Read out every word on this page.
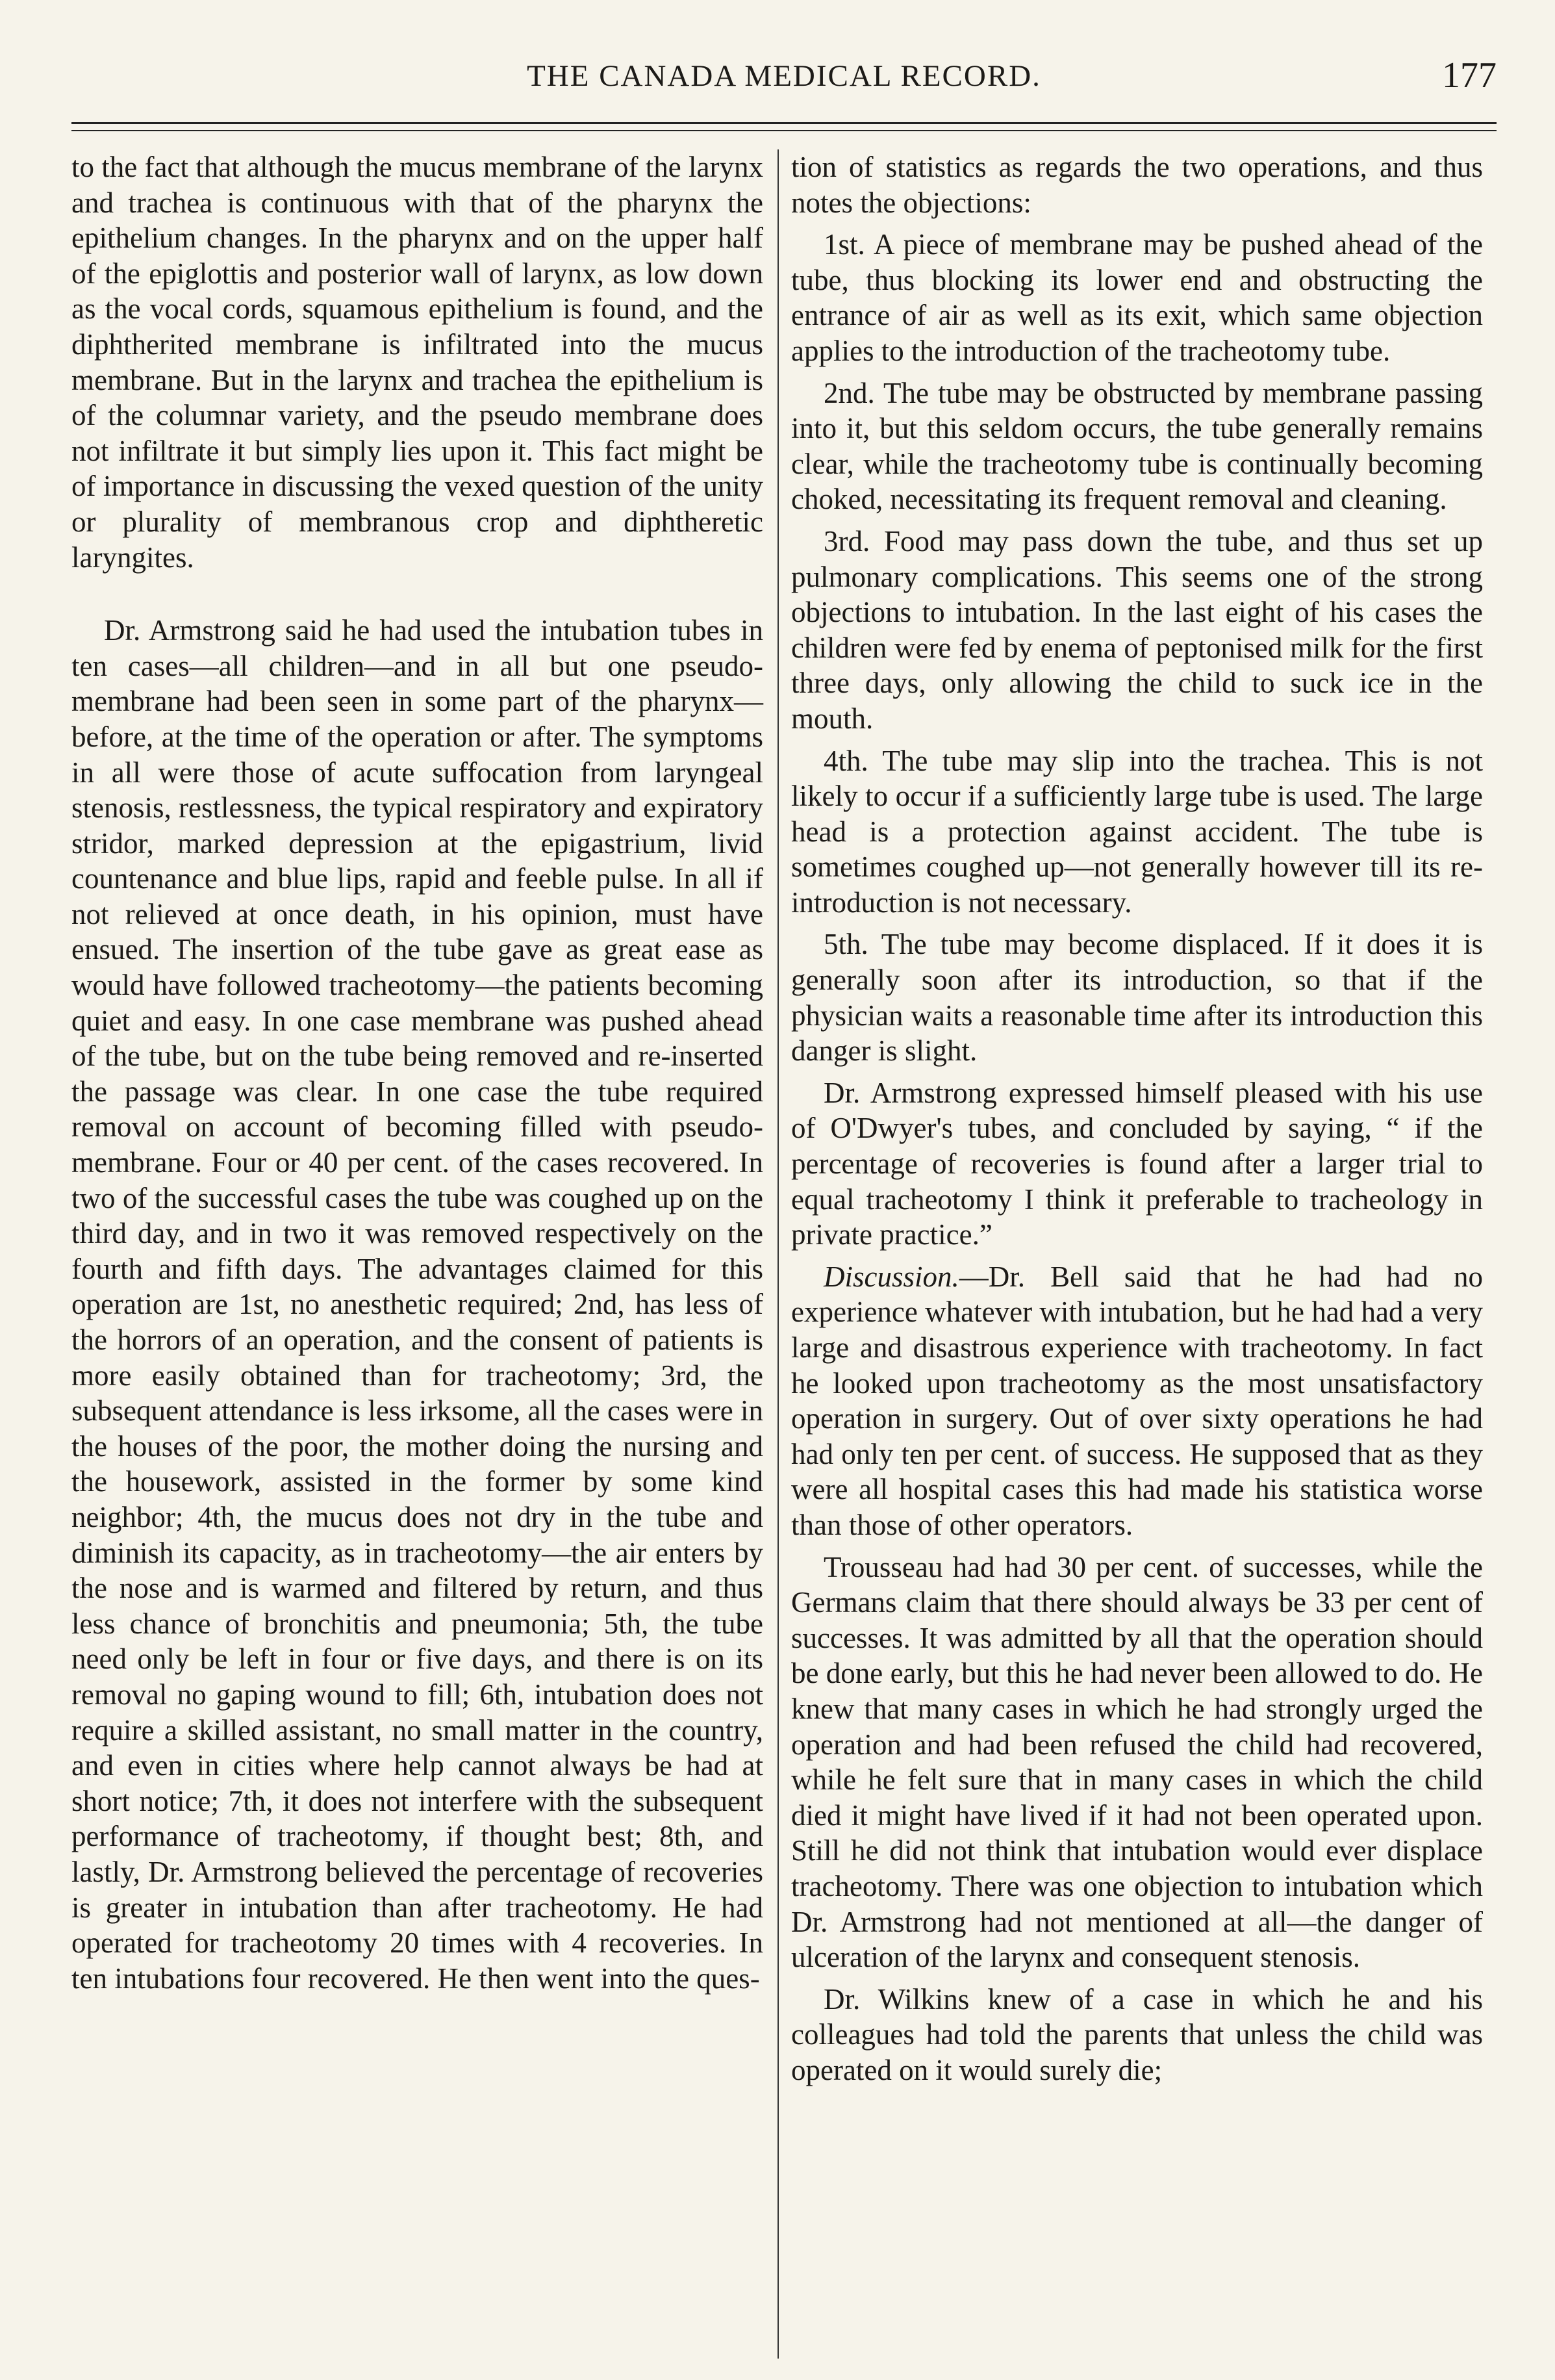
THE CANADA MEDICAL RECORD.	177

to the fact that although the mucus membrane of the larynx and trachea is continuous with that of the pharynx the epithelium changes. In the pharynx and on the upper half of the epiglottis and posterior wall of larynx, as low down as the vocal cords, squamous epithelium is found, and the diphtherited membrane is infiltrated into the mucus membrane. But in the larynx and trachea the epithelium is of the columnar variety, and the pseudo membrane does not infiltrate it but simply lies upon it. This fact might be of importance in discussing the vexed question of the unity or plurality of membranous crop and diphtheretic laryngites.

Dr. Armstrong said he had used the intubation tubes in ten cases—all children—and in all but one pseudo-membrane had been seen in some part of the pharynx—before, at the time of the operation or after. The symptoms in all were those of acute suffocation from laryngeal stenosis, restlessness, the typical respiratory and expiratory stridor, marked depression at the epigastrium, livid countenance and blue lips, rapid and feeble pulse. In all if not relieved at once death, in his opinion, must have ensued. The insertion of the tube gave as great ease as would have followed tracheotomy—the patients becoming quiet and easy. In one case membrane was pushed ahead of the tube, but on the tube being removed and re-inserted the passage was clear. In one case the tube required removal on account of becoming filled with pseudo-membrane. Four or 40 per cent. of the cases recovered. In two of the successful cases the tube was coughed up on the third day, and in two it was removed respectively on the fourth and fifth days. The advantages claimed for this operation are 1st, no anesthetic required; 2nd, has less of the horrors of an operation, and the consent of patients is more easily obtained than for tracheotomy; 3rd, the subsequent attendance is less irksome, all the cases were in the houses of the poor, the mother doing the nursing and the housework, assisted in the former by some kind neighbor; 4th, the mucus does not dry in the tube and diminish its capacity, as in tracheotomy—the air enters by the nose and is warmed and filtered by return, and thus less chance of bronchitis and pneumonia; 5th, the tube need only be left in four or five days, and there is on its removal no gaping wound to fill; 6th, intubation does not require a skilled assistant, no small matter in the country, and even in cities where help cannot always be had at short notice; 7th, it does not interfere with the subsequent performance of tracheotomy, if thought best; 8th, and lastly, Dr. Armstrong believed the percentage of recoveries is greater in intubation than after tracheotomy. He had operated for tracheotomy 20 times with 4 recoveries. In ten intubations four recovered. He then went into the ques-

tion of statistics as regards the two operations, and thus notes the objections:

1st. A piece of membrane may be pushed ahead of the tube, thus blocking its lower end and obstructing the entrance of air as well as its exit, which same objection applies to the introduction of the tracheotomy tube.

2nd. The tube may be obstructed by membrane passing into it, but this seldom occurs, the tube generally remains clear, while the tracheotomy tube is continually becoming choked, necessitating its frequent removal and cleaning.

3rd. Food may pass down the tube, and thus set up pulmonary complications. This seems one of the strong objections to intubation. In the last eight of his cases the children were fed by enema of peptonised milk for the first three days, only allowing the child to suck ice in the mouth.

4th. The tube may slip into the trachea. This is not likely to occur if a sufficiently large tube is used. The large head is a protection against accident. The tube is sometimes coughed up—not generally however till its re-introduction is not necessary.

5th. The tube may become displaced. If it does it is generally soon after its introduction, so that if the physician waits a reasonable time after its introduction this danger is slight.

Dr. Armstrong expressed himself pleased with his use of O'Dwyer's tubes, and concluded by saying, “ if the percentage of recoveries is found after a larger trial to equal tracheotomy I think it preferable to tracheology in private practice.”

Discussion.—Dr. Bell said that he had had no experience whatever with intubation, but he had had a very large and disastrous experience with tracheotomy. In fact he looked upon tracheotomy as the most unsatisfactory operation in surgery. Out of over sixty operations he had had only ten per cent. of success. He supposed that as they were all hospital cases this had made his statistica worse than those of other operators.

Trousseau had had 30 per cent. of successes, while the Germans claim that there should always be 33 per cent of successes. It was admitted by all that the operation should be done early, but this he had never been allowed to do. He knew that many cases in which he had strongly urged the operation and had been refused the child had recovered, while he felt sure that in many cases in which the child died it might have lived if it had not been operated upon. Still he did not think that intubation would ever displace tracheotomy. There was one objection to intubation which Dr. Armstrong had not mentioned at all—the danger of ulceration of the larynx and consequent stenosis.

Dr. Wilkins knew of a case in which he and his colleagues had told the parents that unless the child was operated on it would surely die;
